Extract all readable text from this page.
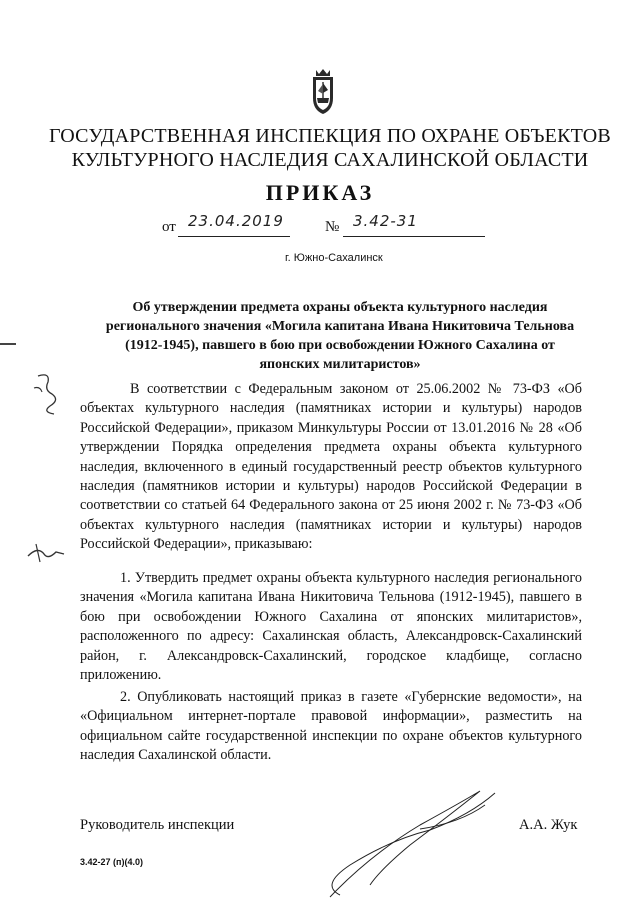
ГОСУДАРСТВЕННАЯ ИНСПЕКЦИЯ ПО ОХРАНЕ ОБЪЕКТОВ
КУЛЬТУРНОГО НАСЛЕДИЯ САХАЛИНСКОЙ ОБЛАСТИ
ПРИКАЗ
от 23.04.2019	№ 3.42-31
г. Южно-Сахалинск
Об утверждении предмета охраны объекта культурного наследия регионального значения «Могила капитана Ивана Никитовича Тельнова (1912-1945), павшего в бою при освобождении Южного Сахалина от японских милитаристов»
В соответствии с Федеральным законом от 25.06.2002 № 73-ФЗ «Об объектах культурного наследия (памятниках истории и культуры) народов Российской Федерации», приказом Минкультуры России от 13.01.2016 № 28 «Об утверждении Порядка определения предмета охраны объекта культурного наследия, включенного в единый государственный реестр объектов культурного наследия (памятников истории и культуры) народов Российской Федерации в соответствии со статьей 64 Федерального закона от 25 июня 2002 г. № 73-ФЗ «Об объектах культурного наследия (памятниках истории и культуры) народов Российской Федерации», приказываю:
1. Утвердить предмет охраны объекта культурного наследия регионального значения «Могила капитана Ивана Никитовича Тельнова (1912-1945), павшего в бою при освобождении Южного Сахалина от японских милитаристов», расположенного по адресу: Сахалинская область, Александровск-Сахалинский район, г. Александровск-Сахалинский, городское кладбище, согласно приложению.
2. Опубликовать настоящий приказ в газете «Губернские ведомости», на «Официальном интернет-портале правовой информации», разместить на официальном сайте государственной инспекции по охране объектов культурного наследия Сахалинской области.
Руководитель инспекции	А.А. Жук
3.42-27 (п)(4.0)
